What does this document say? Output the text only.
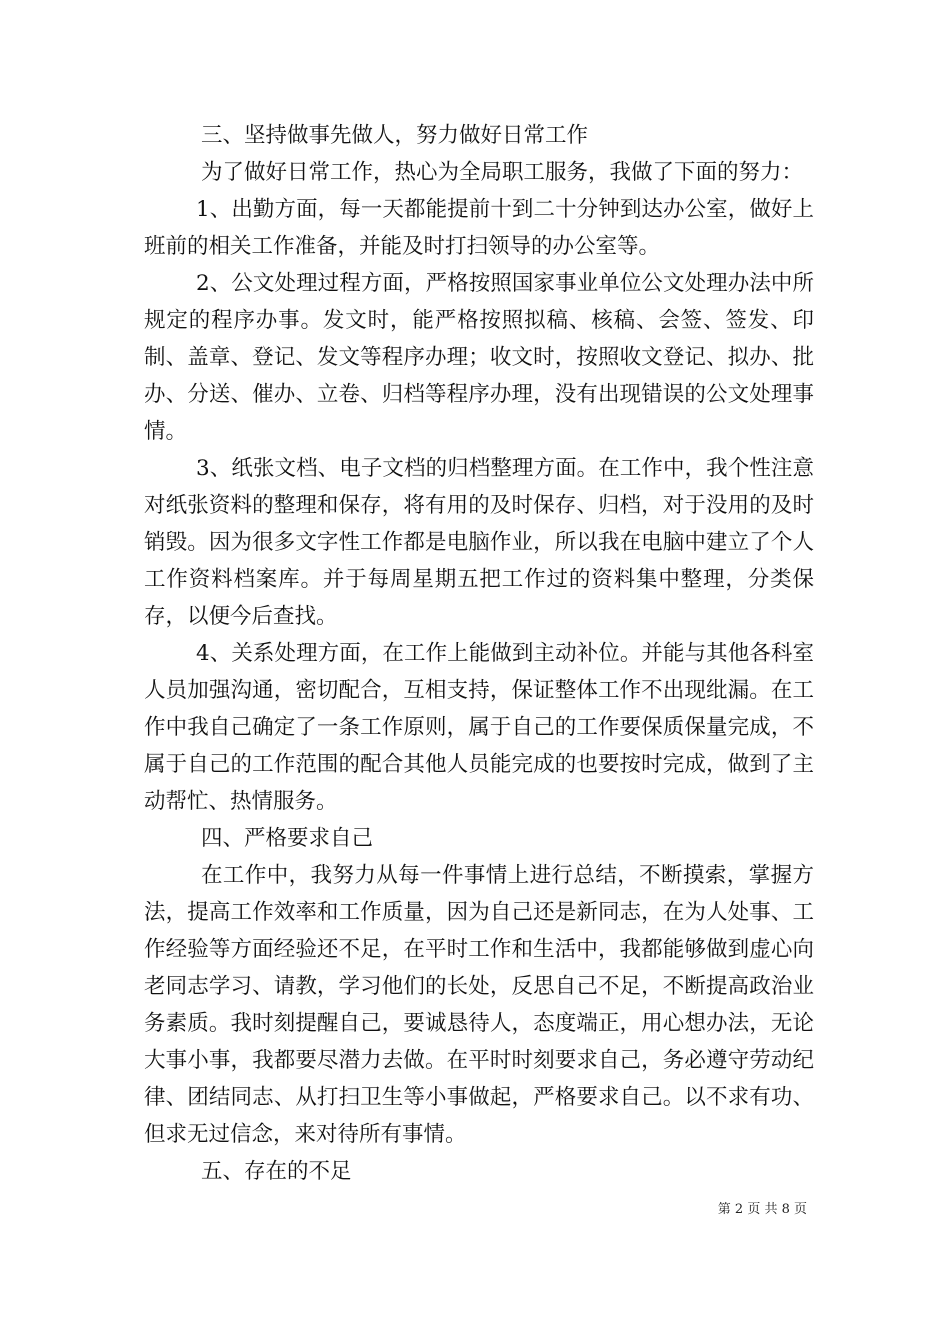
三、坚持做事先做人，努力做好日常工作

为了做好日常工作，热心为全局职工服务，我做了下面的努力：

1、出勤方面，每一天都能提前十到二十分钟到达办公室，做好上班前的相关工作准备，并能及时打扫领导的办公室等。

2、公文处理过程方面，严格按照国家事业单位公文处理办法中所规定的程序办事。发文时，能严格按照拟稿、核稿、会签、签发、印制、盖章、登记、发文等程序办理；收文时，按照收文登记、拟办、批办、分送、催办、立卷、归档等程序办理，没有出现错误的公文处理事情。

3、纸张文档、电子文档的归档整理方面。在工作中，我个性注意对纸张资料的整理和保存，将有用的及时保存、归档，对于没用的及时销毁。因为很多文字性工作都是电脑作业，所以我在电脑中建立了个人工作资料档案库。并于每周星期五把工作过的资料集中整理，分类保存，以便今后查找。

4、关系处理方面，在工作上能做到主动补位。并能与其他各科室人员加强沟通，密切配合，互相支持，保证整体工作不出现纰漏。在工作中我自己确定了一条工作原则，属于自己的工作要保质保量完成，不属于自己的工作范围的配合其他人员能完成的也要按时完成，做到了主动帮忙、热情服务。

四、严格要求自己

在工作中，我努力从每一件事情上进行总结，不断摸索，掌握方法，提高工作效率和工作质量，因为自己还是新同志，在为人处事、工作经验等方面经验还不足，在平时工作和生活中，我都能够做到虚心向老同志学习、请教，学习他们的长处，反思自己不足，不断提高政治业务素质。我时刻提醒自己，要诚恳待人，态度端正，用心想办法，无论大事小事，我都要尽潜力去做。在平时时刻要求自己，务必遵守劳动纪律、团结同志、从打扫卫生等小事做起，严格要求自己。以不求有功、但求无过信念，来对待所有事情。

五、存在的不足

第 2 页 共 8 页
